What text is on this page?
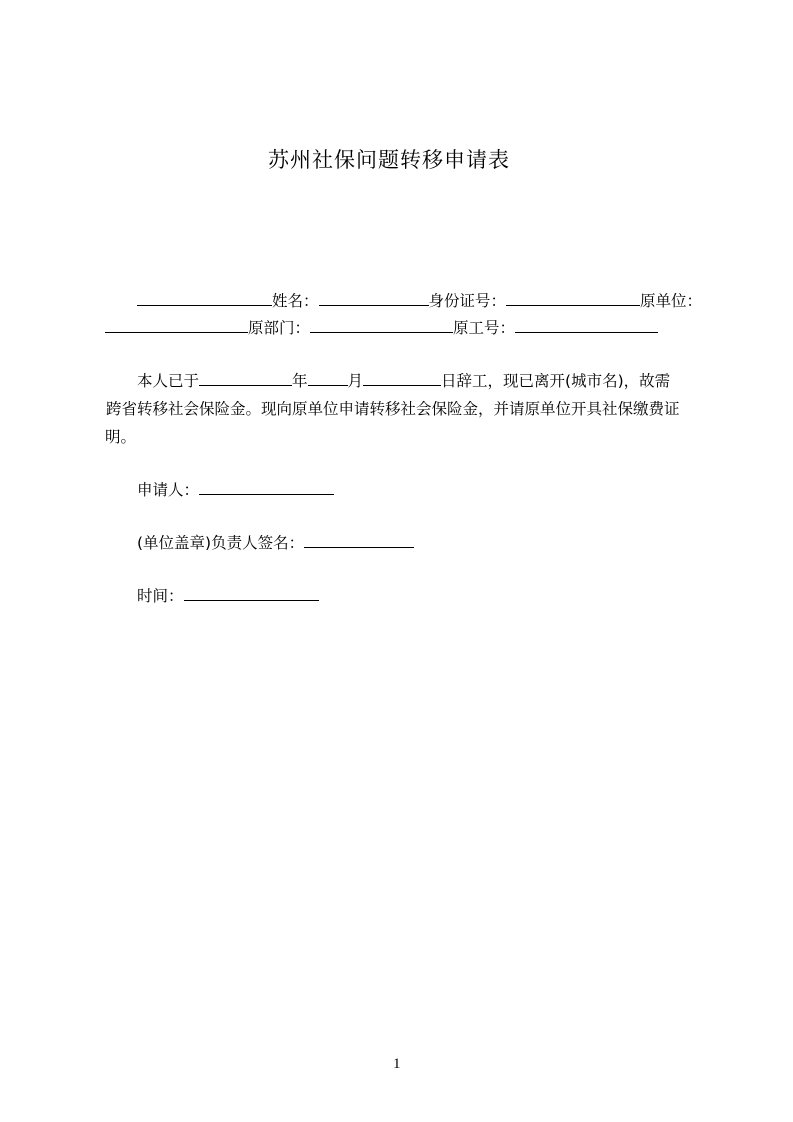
苏州社保问题转移申请表
姓名：	身份证号：	原单位：
原部门：	原工号：
本人已于	年	月	日辞工，现已离开(城市名)，故需
跨省转移社会保险金。现向原单位申请转移社会保险金，并请原单位开具社保缴费证
明。
申请人：
(单位盖章)负责人签名：
时间：
1
